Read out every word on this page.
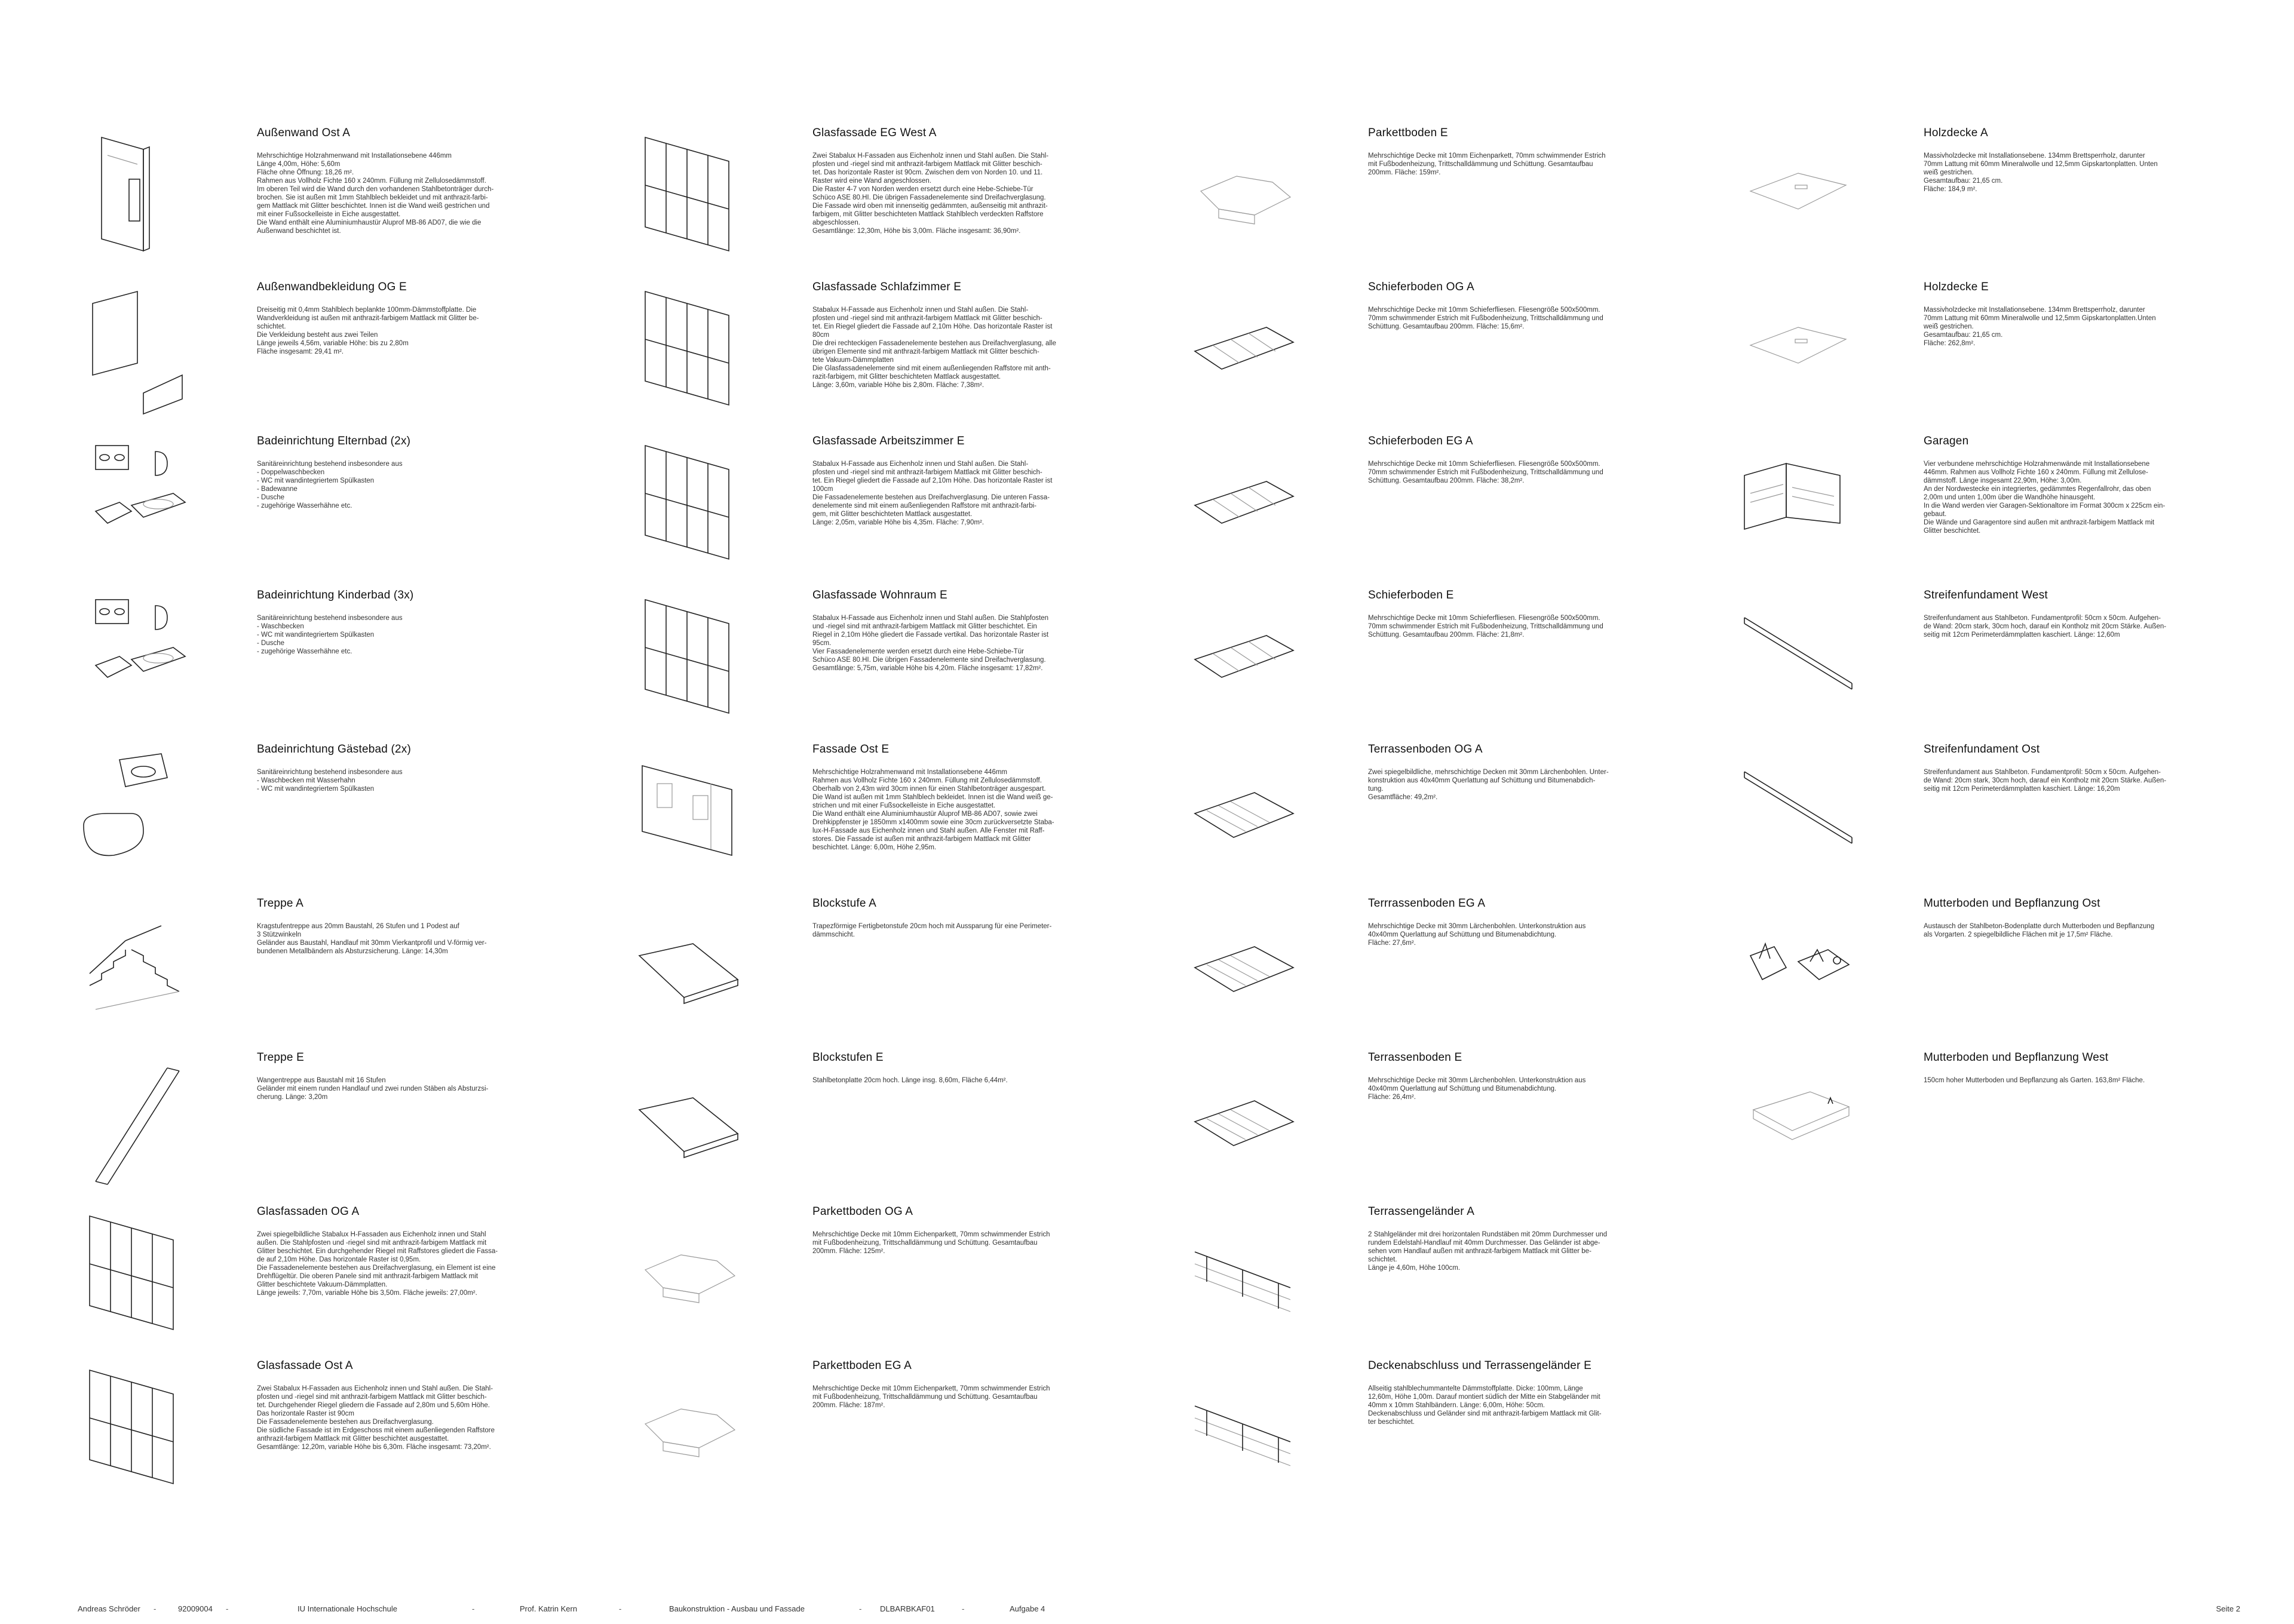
Außenwand Ost A
Mehrschichtige Holzrahmenwand mit Installationsebene 446mm
Länge 4,00m, Höhe: 5,60m
Fläche ohne Öffnung: 18,26 m².
Rahmen aus Vollholz Fichte 160 x 240mm. Füllung mit Zellulosedämmstoff.
Im oberen Teil wird die Wand durch den vorhandenen Stahlbetonträger durch-
brochen. Sie ist außen mit 1mm Stahlblech bekleidet und mit anthrazit-farbi-
gem Mattlack mit Glitter beschichtet. Innen ist die Wand weiß gestrichen und
mit einer Fußsockelleiste in Eiche ausgestattet.
Die Wand enthält eine Aluminiumhaustür Aluprof MB-86 AD07, die wie die
Außenwand beschichtet ist.
Außenwandbekleidung OG E
Dreiseitig mit 0,4mm Stahlblech beplankte 100mm-Dämmstoffplatte. Die
Wandverkleidung ist außen mit anthrazit-farbigem Mattlack mit Glitter be-
schichtet.
Die Verkleidung besteht aus zwei Teilen
Länge jeweils 4,56m, variable Höhe: bis zu 2,80m
Fläche insgesamt: 29,41 m².
Badeinrichtung Elternbad (2x)
Sanitäreinrichtung bestehend insbesondere aus
- Doppelwaschbecken
- WC mit wandintegriertem Spülkasten
- Badewanne
- Dusche
- zugehörige Wasserhähne etc.
Badeinrichtung Kinderbad (3x)
Sanitäreinrichtung bestehend insbesondere aus
- Waschbecken
- WC mit wandintegriertem Spülkasten
- Dusche
- zugehörige Wasserhähne etc.
Badeinrichtung Gästebad (2x)
Sanitäreinrichtung bestehend insbesondere aus
- Waschbecken mit Wasserhahn
- WC mit wandintegriertem Spülkasten
Treppe A
Kragstufentreppe aus 20mm Baustahl, 26 Stufen und 1 Podest auf
3 Stützwinkeln
Geländer aus Baustahl, Handlauf mit 30mm Vierkantprofil und V-förmig ver-
bundenen Metallbändern als Absturzsicherung. Länge: 14,30m
Treppe E
Wangentreppe aus Baustahl mit 16 Stufen
Geländer mit einem runden Handlauf und zwei runden Stäben als Absturzsi-
cherung. Länge: 3,20m
Glasfassaden OG A
Zwei spiegelbildliche Stabalux H-Fassaden aus Eichenholz innen und Stahl
außen. Die Stahlpfosten und -riegel sind mit anthrazit-farbigem Mattlack mit
Glitter beschichtet. Ein durchgehender Riegel mit Raffstores gliedert die Fassa-
de auf 2,10m Höhe. Das horizontale Raster ist 0,95m.
Die Fassadenelemente bestehen aus Dreifachverglasung, ein Element ist eine
Drehflügeltür. Die oberen Panele sind mit anthrazit-farbigem Mattlack mit
Glitter beschichtete Vakuum-Dämmplatten.
Länge jeweils: 7,70m, variable Höhe bis 3,50m. Fläche jeweils: 27,00m².
Glasfassade Ost A
Zwei Stabalux H-Fassaden aus Eichenholz innen und Stahl außen. Die Stahl-
pfosten und -riegel sind mit anthrazit-farbigem Mattlack mit Glitter beschich-
tet. Durchgehender Riegel gliedern die Fassade auf 2,80m und 5,60m Höhe.
Das horizontale Raster ist 90cm
Die Fassadenelemente bestehen aus Dreifachverglasung.
Die südliche Fassade ist im Erdgeschoss mit einem außenliegenden Raffstore
anthrazit-farbigem Mattlack mit Glitter beschichtet ausgestattet.
Gesamtlänge: 12,20m, variable Höhe bis 6,30m. Fläche insgesamt: 73,20m².
Glasfassade EG West A
Zwei Stabalux H-Fassaden aus Eichenholz innen und Stahl außen. Die Stahl-
pfosten und -riegel sind mit anthrazit-farbigem Mattlack mit Glitter beschich-
tet. Das horizontale Raster ist 90cm. Zwischen dem von Norden 10. und 11.
Raster wird eine Wand angeschlossen.
Die Raster 4-7 von Norden werden ersetzt durch eine Hebe-Schiebe-Tür
Schüco ASE 80.HI. Die übrigen Fassadenelemente sind Dreifachverglasung.
Die Fassade wird oben mit innenseitig gedämmten, außenseitig mit anthrazit-
farbigem, mit Glitter beschichteten Mattlack Stahlblech verdeckten Raffstore
abgeschlossen.
Gesamtlänge: 12,30m, Höhe bis 3,00m. Fläche insgesamt: 36,90m².
Glasfassade Schlafzimmer E
Stabalux H-Fassade aus Eichenholz innen und Stahl außen. Die Stahl-
pfosten und -riegel sind mit anthrazit-farbigem Mattlack mit Glitter beschich-
tet. Ein Riegel gliedert die Fassade auf 2,10m Höhe. Das horizontale Raster ist
80cm
Die drei rechteckigen Fassadenelemente bestehen aus Dreifachverglasung, alle
übrigen Elemente sind mit anthrazit-farbigem Mattlack mit Glitter beschich-
tete Vakuum-Dämmplatten
Die Glasfassadenelemente sind mit einem außenliegenden Raffstore mit anth-
razit-farbigem, mit Glitter beschichteten Mattlack ausgestattet.
Länge: 3,60m, variable Höhe bis 2,80m. Fläche: 7,38m².
Glasfassade Arbeitszimmer E
Stabalux H-Fassade aus Eichenholz innen und Stahl außen. Die Stahl-
pfosten und -riegel sind mit anthrazit-farbigem Mattlack mit Glitter beschich-
tet. Ein Riegel gliedert die Fassade auf 2,10m Höhe. Das horizontale Raster ist
100cm
Die Fassadenelemente bestehen aus Dreifachverglasung. Die unteren Fassa-
denelemente sind mit einem außenliegenden Raffstore mit anthrazit-farbi-
gem, mit Glitter beschichteten Mattlack ausgestattet.
Länge: 2,05m, variable Höhe bis 4,35m. Fläche: 7,90m².
Glasfassade Wohnraum E
Stabalux H-Fassade aus Eichenholz innen und Stahl außen. Die Stahlpfosten
und -riegel sind mit anthrazit-farbigem Mattlack mit Glitter beschichtet. Ein
Riegel in 2,10m Höhe gliedert die Fassade vertikal. Das horizontale Raster ist
95cm.
Vier Fassadenelemente werden ersetzt durch eine Hebe-Schiebe-Tür
Schüco ASE 80.HI. Die übrigen Fassadenelemente sind Dreifachverglasung.
Gesamtlänge: 5,75m, variable Höhe bis 4,20m. Fläche insgesamt: 17,82m².
Fassade Ost E
Mehrschichtige Holzrahmenwand mit Installationsebene 446mm
Rahmen aus Vollholz Fichte 160 x 240mm. Füllung mit Zellulosedämmstoff.
Oberhalb von 2,43m wird 30cm innen für einen Stahlbetonträger ausgespart.
Die Wand ist außen mit 1mm Stahlblech bekleidet. Innen ist die Wand weiß ge-
strichen und mit einer Fußsockelleiste in Eiche ausgestattet.
Die Wand enthält eine Aluminiumhaustür Aluprof MB-86 AD07, sowie zwei
Drehkippfenster je 1850mm x1400mm sowie eine 30cm zurückversetzte Staba-
lux-H-Fassade aus Eichenholz innen und Stahl außen. Alle Fenster mit Raff-
stores. Die Fassade ist außen mit anthrazit-farbigem Mattlack mit Glitter
beschichtet. Länge: 6,00m, Höhe 2,95m.
Blockstufe A
Trapezförmige Fertigbetonstufe 20cm hoch mit Aussparung für eine Perimeter-
dämmschicht.
Blockstufen E
Stahlbetonplatte 20cm hoch. Länge insg. 8,60m, Fläche 6,44m².
Parkettboden OG A
Mehrschichtige Decke mit 10mm Eichenparkett, 70mm schwimmender Estrich
mit Fußbodenheizung, Trittschalldämmung und Schüttung. Gesamtaufbau
200mm. Fläche: 125m².
Parkettboden EG A
Mehrschichtige Decke mit 10mm Eichenparkett, 70mm schwimmender Estrich
mit Fußbodenheizung, Trittschalldämmung und Schüttung. Gesamtaufbau
200mm. Fläche: 187m².
Parkettboden E
Mehrschichtige Decke mit 10mm Eichenparkett, 70mm schwimmender Estrich
mit Fußbodenheizung, Trittschalldämmung und Schüttung. Gesamtaufbau
200mm. Fläche: 159m².
Schieferboden OG A
Mehrschichtige Decke mit 10mm Schieferfliesen. Fliesengröße 500x500mm.
70mm schwimmender Estrich mit Fußbodenheizung, Trittschalldämmung und
Schüttung. Gesamtaufbau 200mm. Fläche: 15,6m².
Schieferboden EG A
Mehrschichtige Decke mit 10mm Schieferfliesen. Fliesengröße 500x500mm.
70mm schwimmender Estrich mit Fußbodenheizung, Trittschalldämmung und
Schüttung. Gesamtaufbau 200mm. Fläche: 38,2m².
Schieferboden E
Mehrschichtige Decke mit 10mm Schieferfliesen. Fliesengröße 500x500mm.
70mm schwimmender Estrich mit Fußbodenheizung, Trittschalldämmung und
Schüttung. Gesamtaufbau 200mm. Fläche: 21,8m².
Terrassenboden OG A
Zwei spiegelbildliche, mehrschichtige Decken mit 30mm Lärchenbohlen. Unter-
konstruktion aus 40x40mm Querlattung auf Schüttung und Bitumenabdich-
tung.
Gesamtfläche: 49,2m².
Terrrassenboden EG A
Mehrschichtige Decke mit 30mm Lärchenbohlen. Unterkonstruktion aus
40x40mm Querlattung auf Schüttung und Bitumenabdichtung.
Fläche: 27,6m².
Terrassenboden E
Mehrschichtige Decke mit 30mm Lärchenbohlen. Unterkonstruktion aus
40x40mm Querlattung auf Schüttung und Bitumenabdichtung.
Fläche: 26,4m².
Terrassengeländer A
2 Stahlgeländer mit drei horizontalen Rundstäben mit 20mm Durchmesser und
rundem Edelstahl-Handlauf mit 40mm Durchmesser. Das Geländer ist abge-
sehen vom Handlauf außen mit anthrazit-farbigem Mattlack mit Glitter be-
schichtet.
Länge je 4,60m, Höhe 100cm.
Deckenabschluss und Terrassengeländer E
Allseitig stahlblechummantelte Dämmstoffplatte. Dicke: 100mm, Länge
12,60m, Höhe 1,00m. Darauf montiert südlich der Mitte ein Stabgeländer mit
40mm x 10mm Stahlbändern. Länge: 6,00m, Höhe: 50cm.
Deckenabschluss und Geländer sind mit anthrazit-farbigem Mattlack mit Glit-
ter beschichtet.
Holzdecke A
Massivholzdecke mit Installationsebene. 134mm Brettsperrholz, darunter
70mm Lattung mit 60mm Mineralwolle und 12,5mm Gipskartonplatten. Unten
weiß gestrichen.
Gesamtaufbau: 21,65 cm.
Fläche: 184,9 m².
Holzdecke E
Massivholzdecke mit Installationsebene. 134mm Brettsperrholz, darunter
70mm Lattung mit 60mm Mineralwolle und 12,5mm Gipskartonplatten.Unten
weiß gestrichen.
Gesamtaufbau: 21,65 cm.
Fläche: 262,8m².
Garagen
Vier verbundene mehrschichtige Holzrahmenwände mit Installationsebene
446mm. Rahmen aus Vollholz Fichte 160 x 240mm. Füllung mit Zellulose-
dämmstoff. Länge insgesamt 22,90m, Höhe: 3,00m.
An der Nordwestecke ein integriertes, gedämmtes Regenfallrohr, das oben
2,00m und unten 1,00m über die Wandhöhe hinausgeht.
In die Wand werden vier Garagen-Sektionaltore im Format 300cm x 225cm ein-
gebaut.
Die Wände und Garagentore sind außen mit anthrazit-farbigem Mattlack mit
Glitter beschichtet.
Streifenfundament West
Streifenfundament aus Stahlbeton. Fundamentprofil: 50cm x 50cm. Aufgehen-
de Wand: 20cm stark, 30cm hoch, darauf ein Kontholz mit 20cm Stärke. Außen-
seitig mit 12cm Perimeterdämmplatten kaschiert. Länge: 12,60m
Streifenfundament Ost
Streifenfundament aus Stahlbeton. Fundamentprofil: 50cm x 50cm. Aufgehen-
de Wand: 20cm stark, 30cm hoch, darauf ein Kontholz mit 20cm Stärke. Außen-
seitig mit 12cm Perimeterdämmplatten kaschiert. Länge: 16,20m
Mutterboden und Bepflanzung Ost
Austausch der Stahlbeton-Bodenplatte durch Mutterboden und Bepflanzung
als Vorgarten. 2 spiegelbildliche Flächen mit je 17,5m² Fläche.
Mutterboden und Bepflanzung West
150cm hoher Mutterboden und Bepflanzung als Garten. 163,8m² Fläche.
Andreas Schröder -	92009004 -	IU Internationale Hochschule	-	Prof. Katrin Kern	-	Baukonstruktion - Ausbau und Fassade	- DLBARBKAF01	-	Aufgabe 4	Seite 2
